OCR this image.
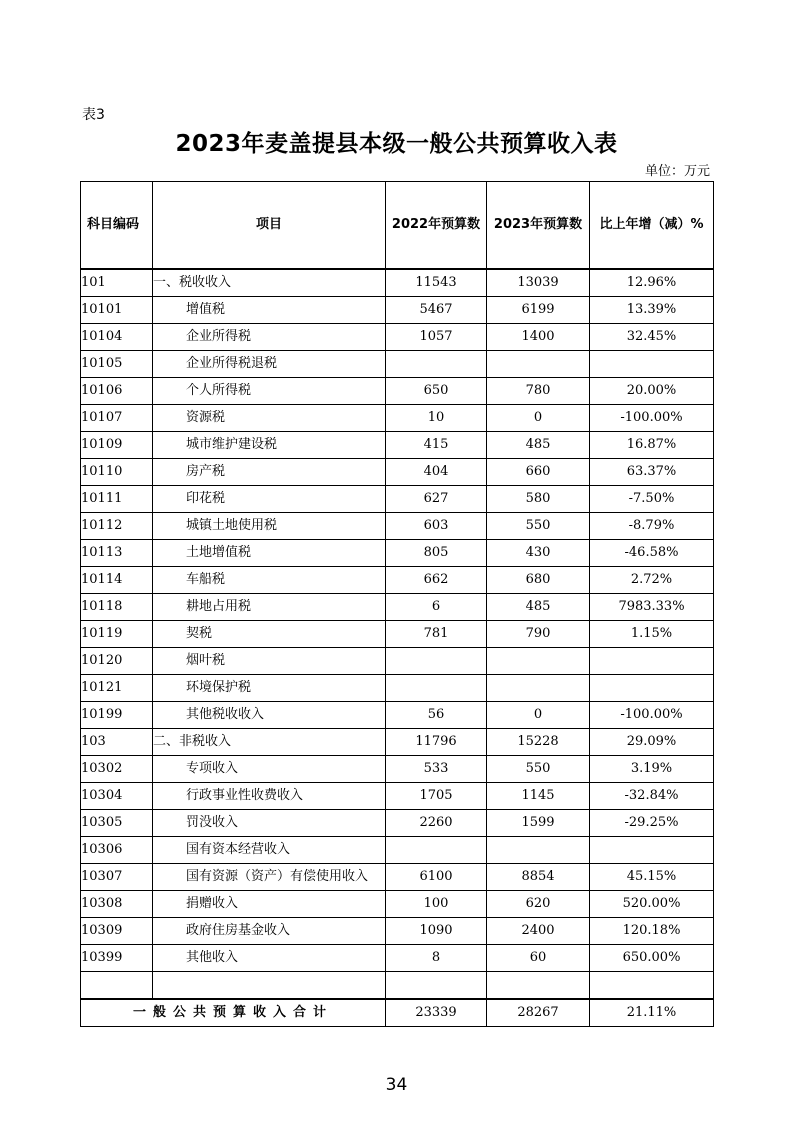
表3
2023年麦盖提县本级一般公共预算收入表
单位：万元
科目编码	项目	2022年预算数	2023年预算数	比上年增（减）%
101	一、税收收入	11543	13039	12.96%
10101	增值税	5467	6199	13.39%
10104	企业所得税	1057	1400	32.45%
10105	企业所得税退税			
10106	个人所得税	650	780	20.00%
10107	资源税	10	0	-100.00%
10109	城市维护建设税	415	485	16.87%
10110	房产税	404	660	63.37%
10111	印花税	627	580	-7.50%
10112	城镇土地使用税	603	550	-8.79%
10113	土地增值税	805	430	-46.58%
10114	车船税	662	680	2.72%
10118	耕地占用税	6	485	7983.33%
10119	契税	781	790	1.15%
10120	烟叶税			
10121	环境保护税			
10199	其他税收收入	56	0	-100.00%
103	二、非税收入	11796	15228	29.09%
10302	专项收入	533	550	3.19%
10304	行政事业性收费收入	1705	1145	-32.84%
10305	罚没收入	2260	1599	-29.25%
10306	国有资本经营收入			
10307	国有资源（资产）有偿使用收入	6100	8854	45.15%
10308	捐赠收入	100	620	520.00%
10309	政府住房基金收入	1090	2400	120.18%
10399	其他收入	8	60	650.00%

一般公共预算收入合计		23339	28267	21.11%
34
